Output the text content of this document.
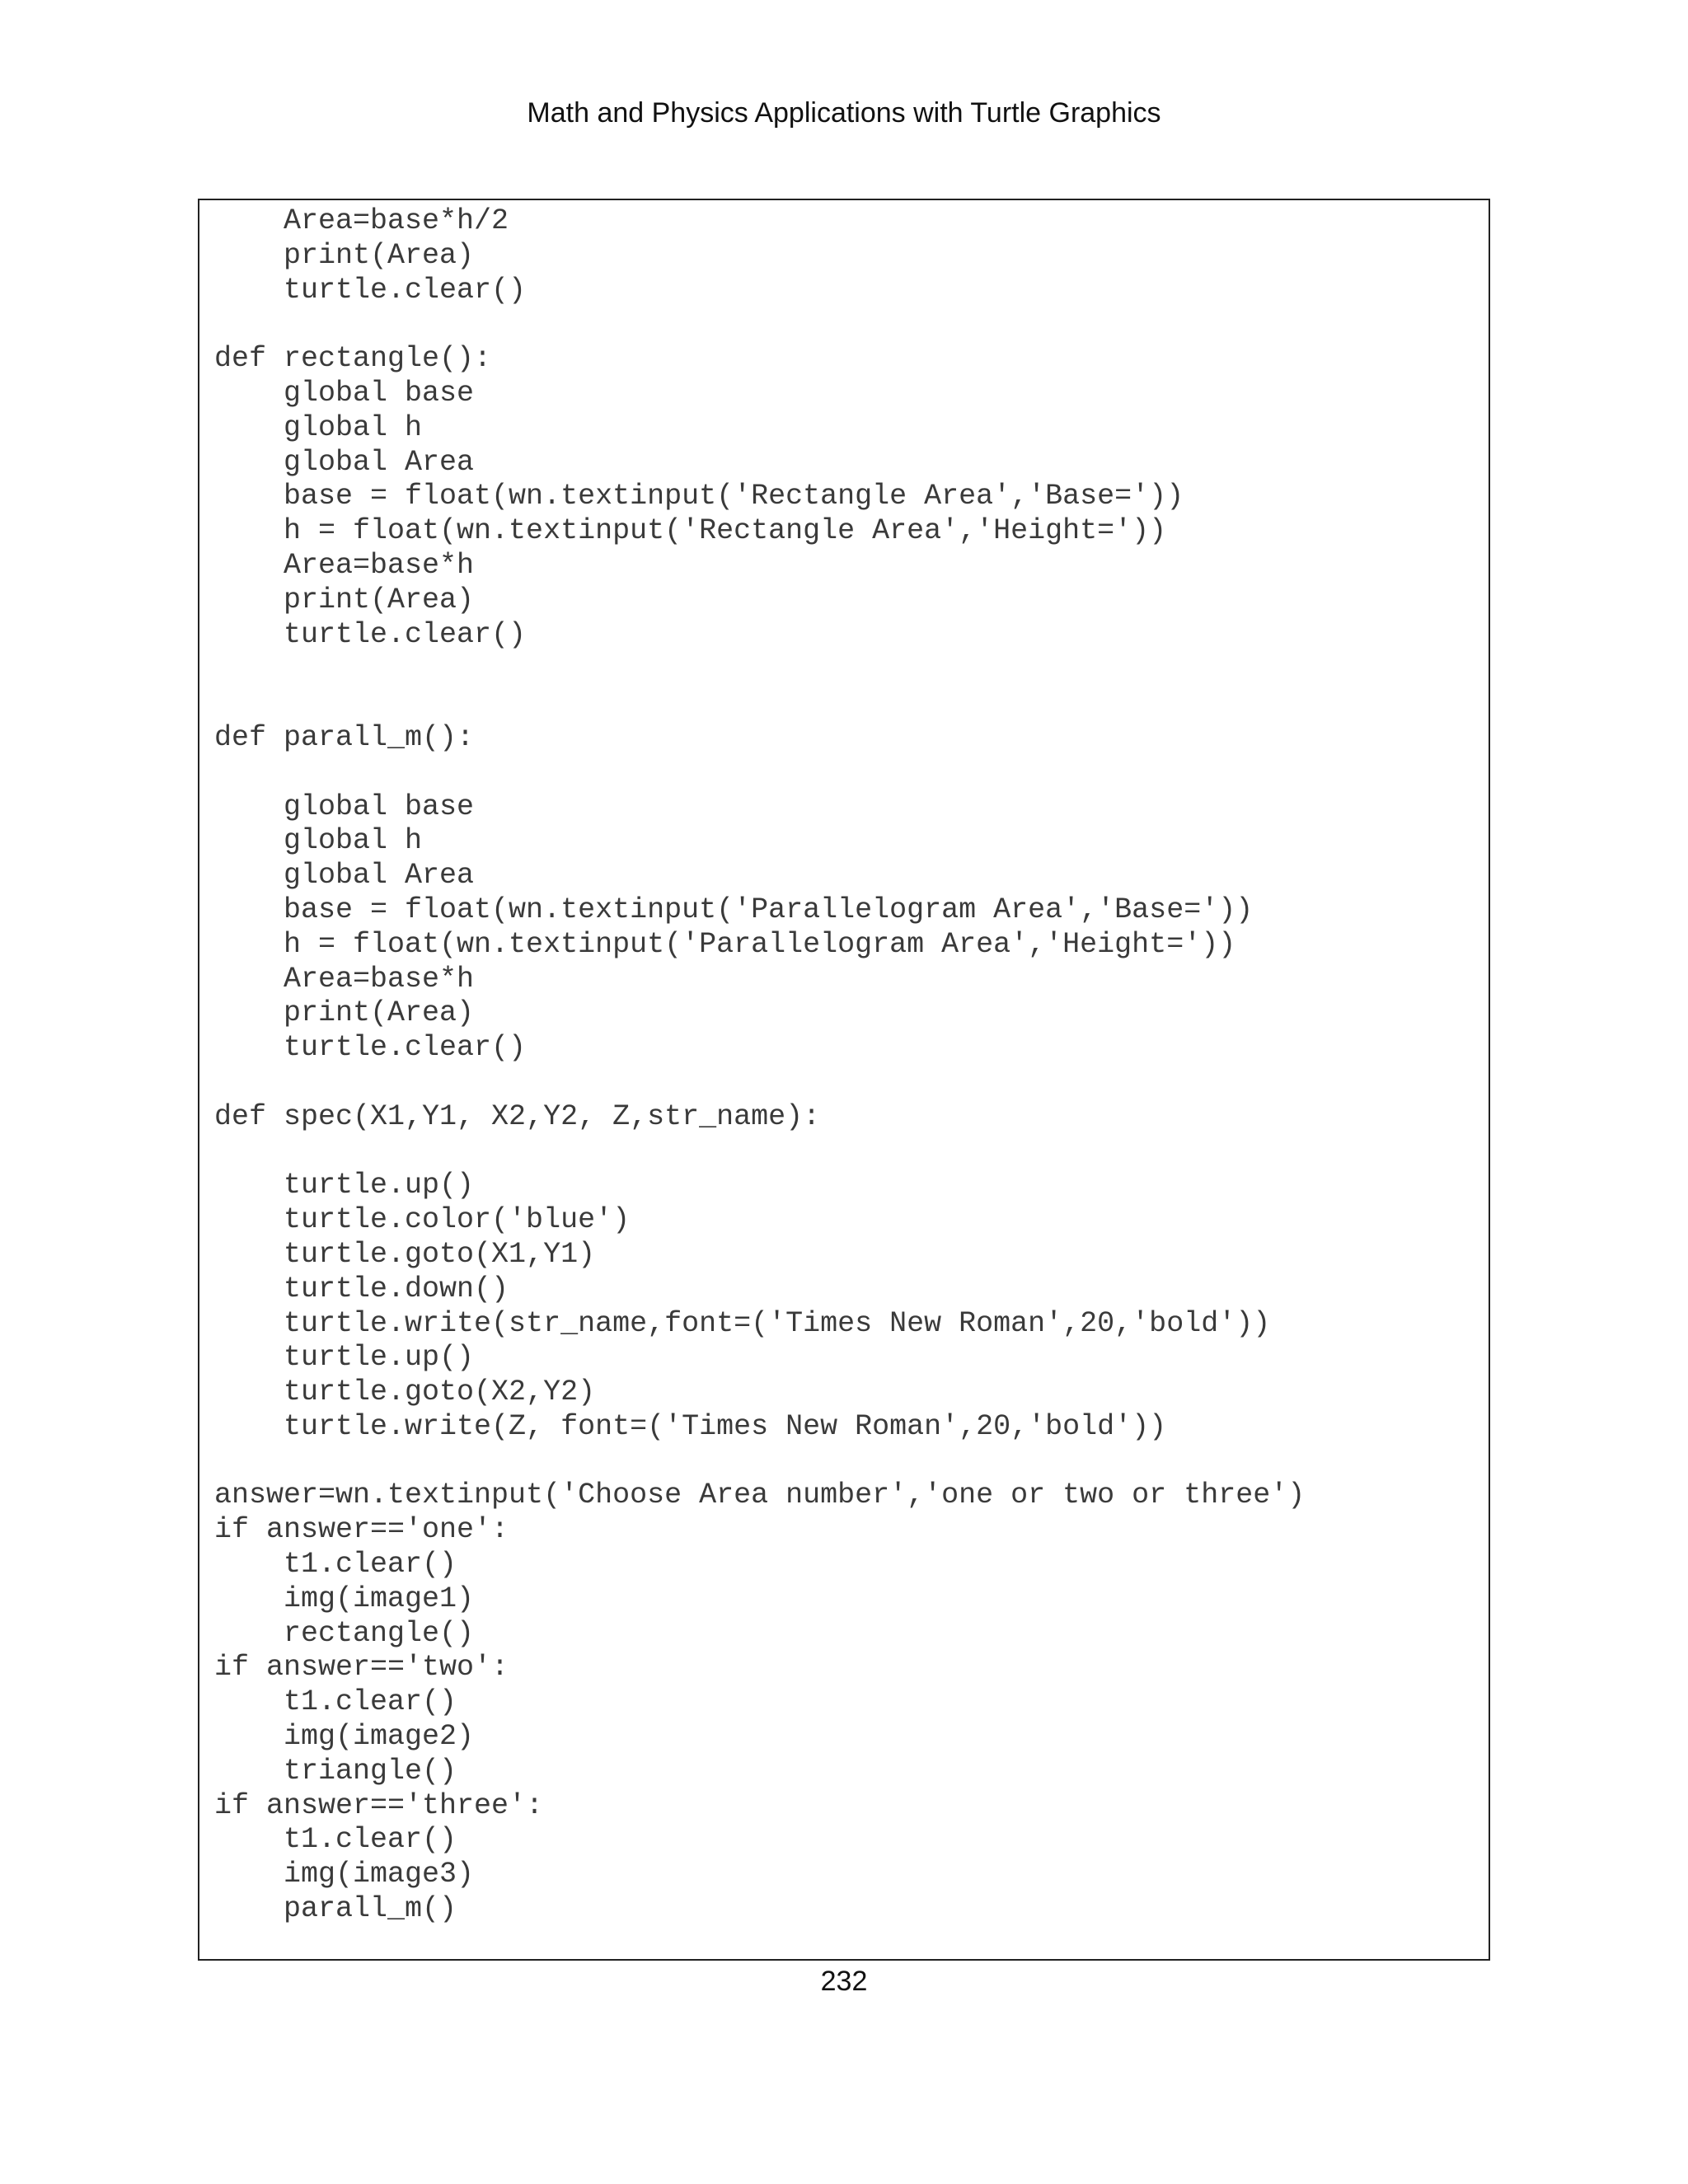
Math and Physics Applications with Turtle Graphics
Area=base*h/2
print(Area)
turtle.clear()
def rectangle():
global base
global h
global Area
base = float(wn.textinput('Rectangle Area','Base='))
h = float(wn.textinput('Rectangle Area','Height='))
Area=base*h
print(Area)
turtle.clear()
def parall_m():
global base
global h
global Area
base = float(wn.textinput('Parallelogram Area','Base='))
h = float(wn.textinput('Parallelogram Area','Height='))
Area=base*h
print(Area)
turtle.clear()
def spec(X1,Y1, X2,Y2, Z,str_name):
turtle.up()
turtle.color('blue')
turtle.goto(X1,Y1)
turtle.down()
turtle.write(str_name,font=('Times New Roman',20,'bold'))
turtle.up()
turtle.goto(X2,Y2)
turtle.write(Z, font=('Times New Roman',20,'bold'))
answer=wn.textinput('Choose Area number','one or two or three')
if answer=='one':
t1.clear()
img(image1)
rectangle()
if answer=='two':
t1.clear()
img(image2)
triangle()
if answer=='three':
t1.clear()
img(image3)
parall_m()
232
